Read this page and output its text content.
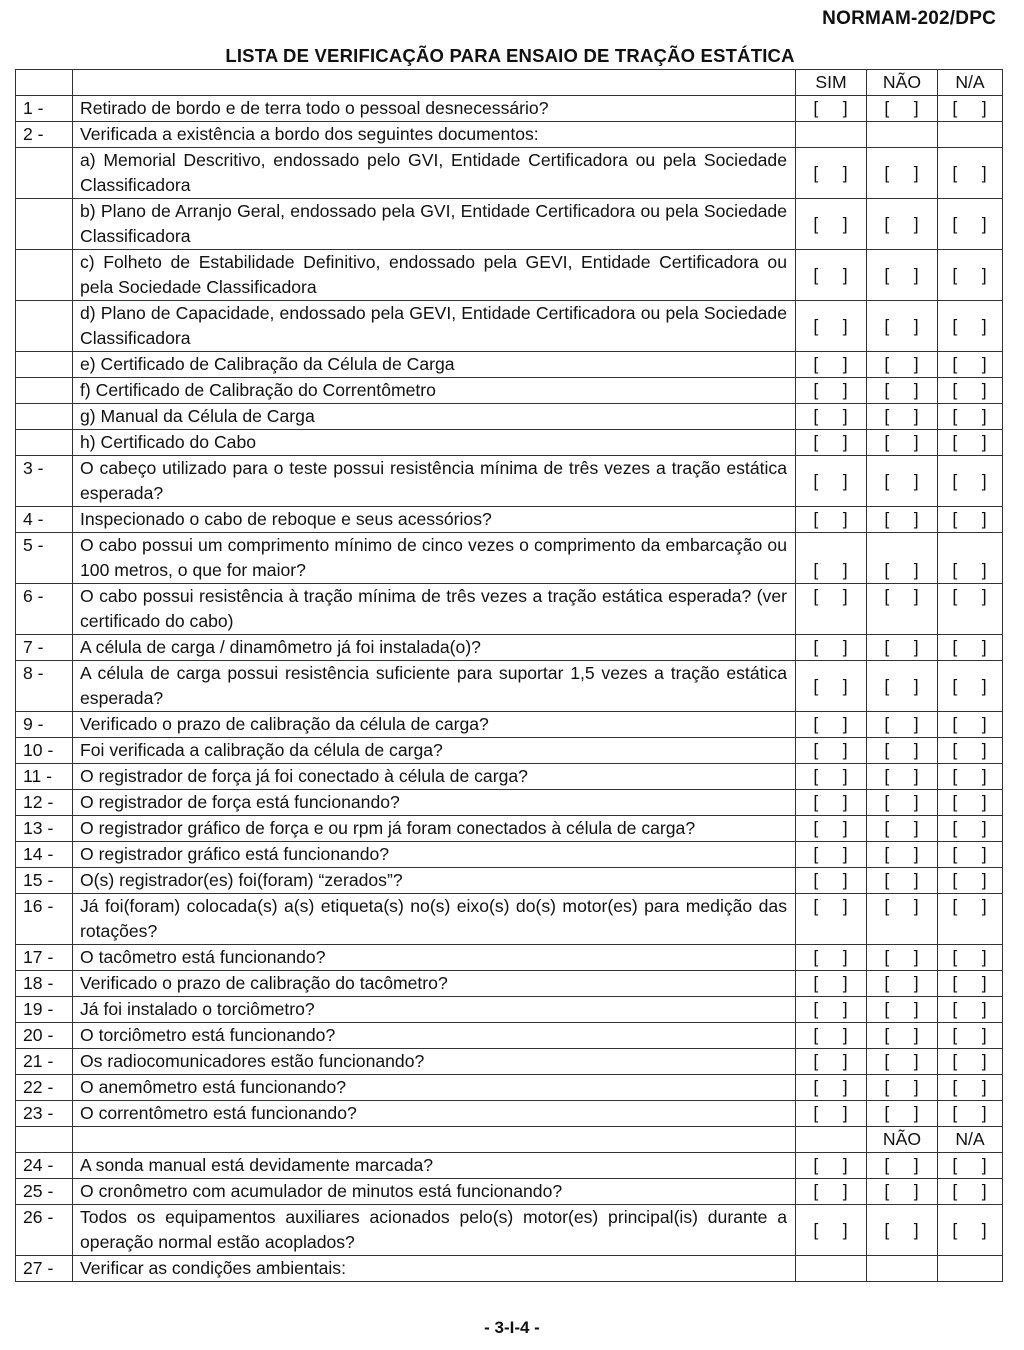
NORMAM-202/DPC
LISTA DE VERIFICAÇÃO PARA ENSAIO DE TRAÇÃO ESTÁTICA
		SIM	NÃO	N/A
1 -	Retirado de bordo e de terra todo o pessoal desnecessário?	[    ]	[    ]	[    ]
2 -	Verificada a existência a bordo dos seguintes documentos:			
	a) Memorial Descritivo, endossado pelo GVI, Entidade Certificadora ou pela Sociedade Classificadora	[    ]	[    ]	[    ]
	b) Plano de Arranjo Geral, endossado pela GVI, Entidade Certificadora ou pela Sociedade Classificadora	[    ]	[    ]	[    ]
	c) Folheto de Estabilidade Definitivo, endossado pela GEVI, Entidade Certificadora ou pela Sociedade Classificadora	[    ]	[    ]	[    ]
	d) Plano de Capacidade, endossado pela GEVI, Entidade Certificadora ou pela Sociedade Classificadora	[    ]	[    ]	[    ]
	e) Certificado de Calibração da Célula de Carga	[    ]	[    ]	[    ]
	f) Certificado de Calibração do Correntômetro	[    ]	[    ]	[    ]
	g) Manual da Célula de Carga	[    ]	[    ]	[    ]
	h) Certificado do Cabo	[    ]	[    ]	[    ]
3 -	O cabeço utilizado para o teste possui resistência mínima de três vezes a tração estática esperada?	[    ]	[    ]	[    ]
4 -	Inspecionado o cabo de reboque e seus acessórios?	[    ]	[    ]	[    ]
5 -	O cabo possui um comprimento mínimo de cinco vezes o comprimento da embarcação ou 100 metros, o que for maior?	[    ]	[    ]	[    ]
6 -	O cabo possui resistência à tração mínima de três vezes a tração estática esperada? (ver certificado do cabo)	[    ]	[    ]	[    ]
7 -	A célula de carga / dinamômetro já foi instalada(o)?	[    ]	[    ]	[    ]
8 -	A célula de carga possui resistência suficiente para suportar 1,5 vezes a tração estática esperada?	[    ]	[    ]	[    ]
9 -	Verificado o prazo de calibração da célula de carga?	[    ]	[    ]	[    ]
10 -	Foi verificada a calibração da célula de carga?	[    ]	[    ]	[    ]
11 -	O registrador de força já foi conectado à célula de carga?	[    ]	[    ]	[    ]
12 -	O registrador de força está funcionando?	[    ]	[    ]	[    ]
13 -	O registrador gráfico de força e ou rpm já foram conectados à célula de carga?	[    ]	[    ]	[    ]
14 -	O registrador gráfico está funcionando?	[    ]	[    ]	[    ]
15 -	O(s) registrador(es) foi(foram) “zerados”?	[    ]	[    ]	[    ]
16 -	Já foi(foram) colocada(s) a(s) etiqueta(s) no(s) eixo(s) do(s) motor(es) para medição das rotações?	[    ]	[    ]	[    ]
17 -	O tacômetro está funcionando?	[    ]	[    ]	[    ]
18 -	Verificado o prazo de calibração do tacômetro?	[    ]	[    ]	[    ]
19 -	Já foi instalado o torciômetro?	[    ]	[    ]	[    ]
20 -	O torciômetro está funcionando?	[    ]	[    ]	[    ]
21 -	Os radiocomunicadores estão funcionando?	[    ]	[    ]	[    ]
22 -	O anemômetro está funcionando?	[    ]	[    ]	[    ]
23 -	O correntômetro está funcionando?	[    ]	[    ]	[    ]
			NÃO	N/A
24 -	A sonda manual está devidamente marcada?	[    ]	[    ]	[    ]
25 -	O cronômetro com acumulador de minutos está funcionando?	[    ]	[    ]	[    ]
26 -	Todos os equipamentos auxiliares acionados pelo(s) motor(es) principal(is) durante a operação normal estão acoplados?	[    ]	[    ]	[    ]
27 -	Verificar as condições ambientais:			
- 3-I-4 -
